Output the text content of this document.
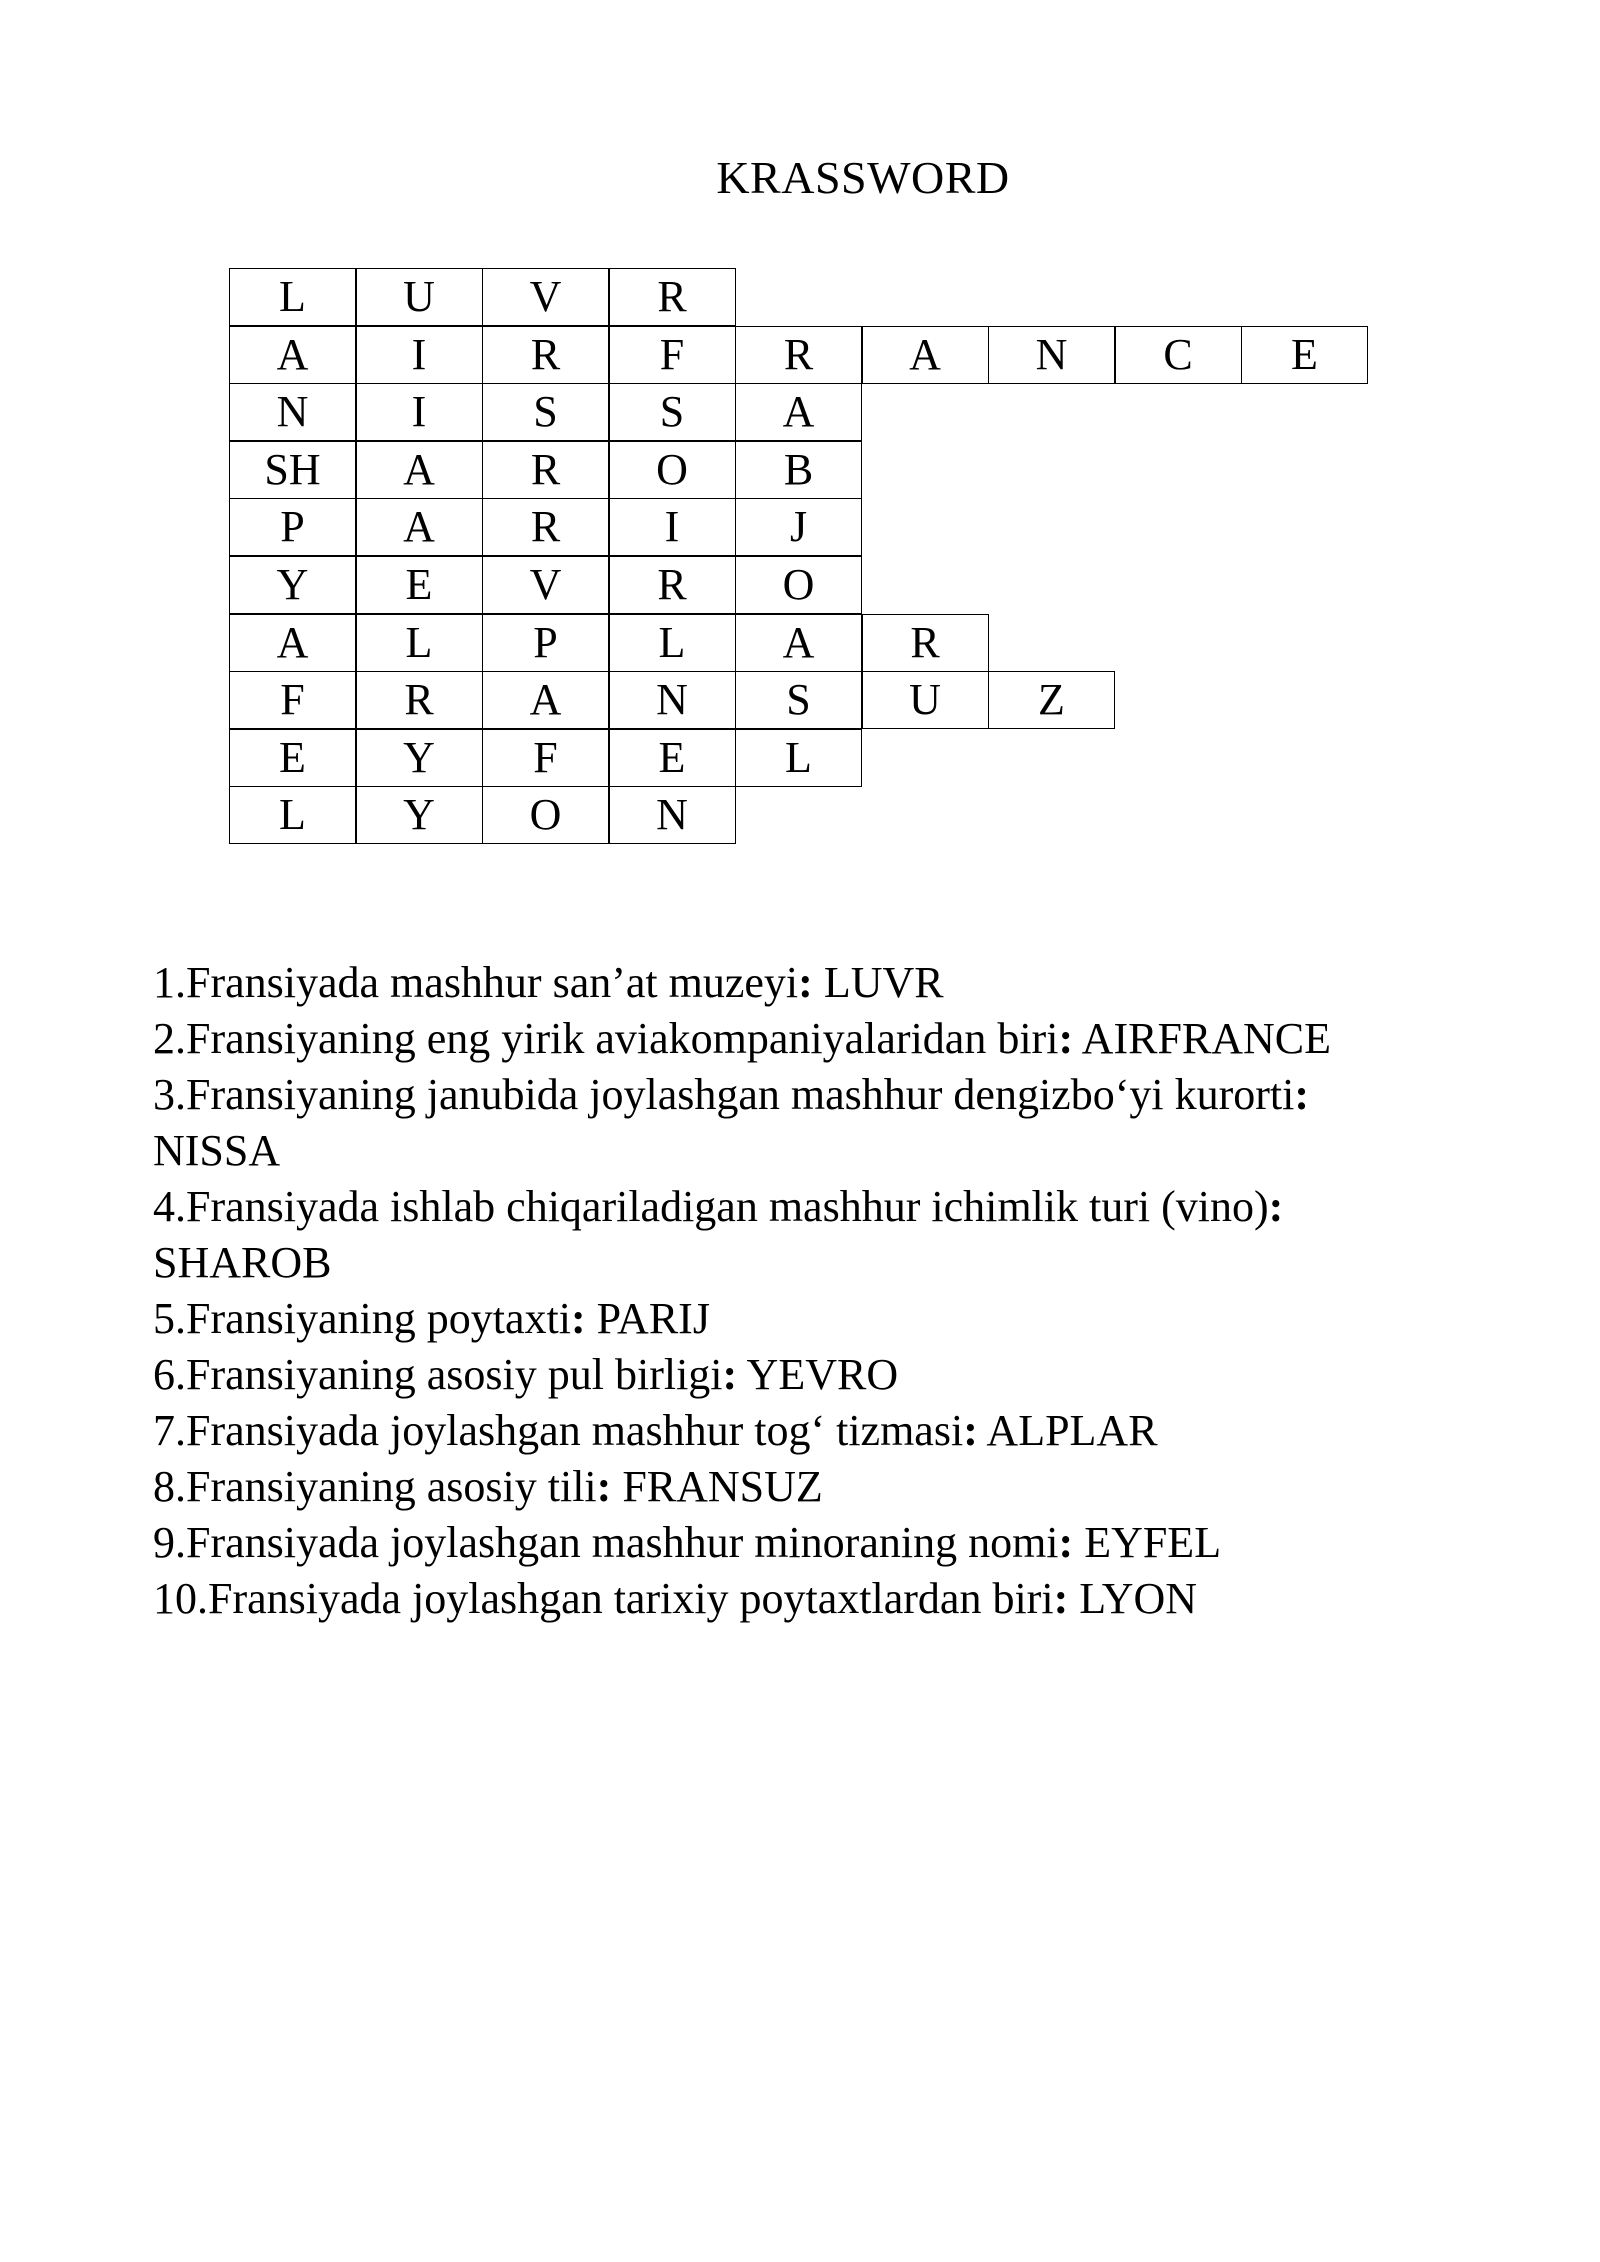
KRASSWORD
L	U	V	R
A	I	R	F	R	A	N	C	E
N	I	S	S	A
SH	A	R	O	B
P	A	R	I	J
Y	E	V	R	O
A	L	P	L	A	R
F	R	A	N	S	U	Z
E	Y	F	E	L
L	Y	O	N
1.Fransiyada mashhur san’at muzeyi: LUVR
2.Fransiyaning eng yirik aviakompaniyalaridan biri: AIRFRANCE
3.Fransiyaning janubida joylashgan mashhur dengizbo‘yi kurorti:
NISSA
4.Fransiyada ishlab chiqariladigan mashhur ichimlik turi (vino):
SHAROB
5.Fransiyaning poytaxti: PARIJ
6.Fransiyaning asosiy pul birligi: YEVRO
7.Fransiyada joylashgan mashhur tog‘ tizmasi: ALPLAR
8.Fransiyaning asosiy tili: FRANSUZ
9.Fransiyada joylashgan mashhur minoraning nomi: EYFEL
10.Fransiyada joylashgan tarixiy poytaxtlardan biri: LYON
